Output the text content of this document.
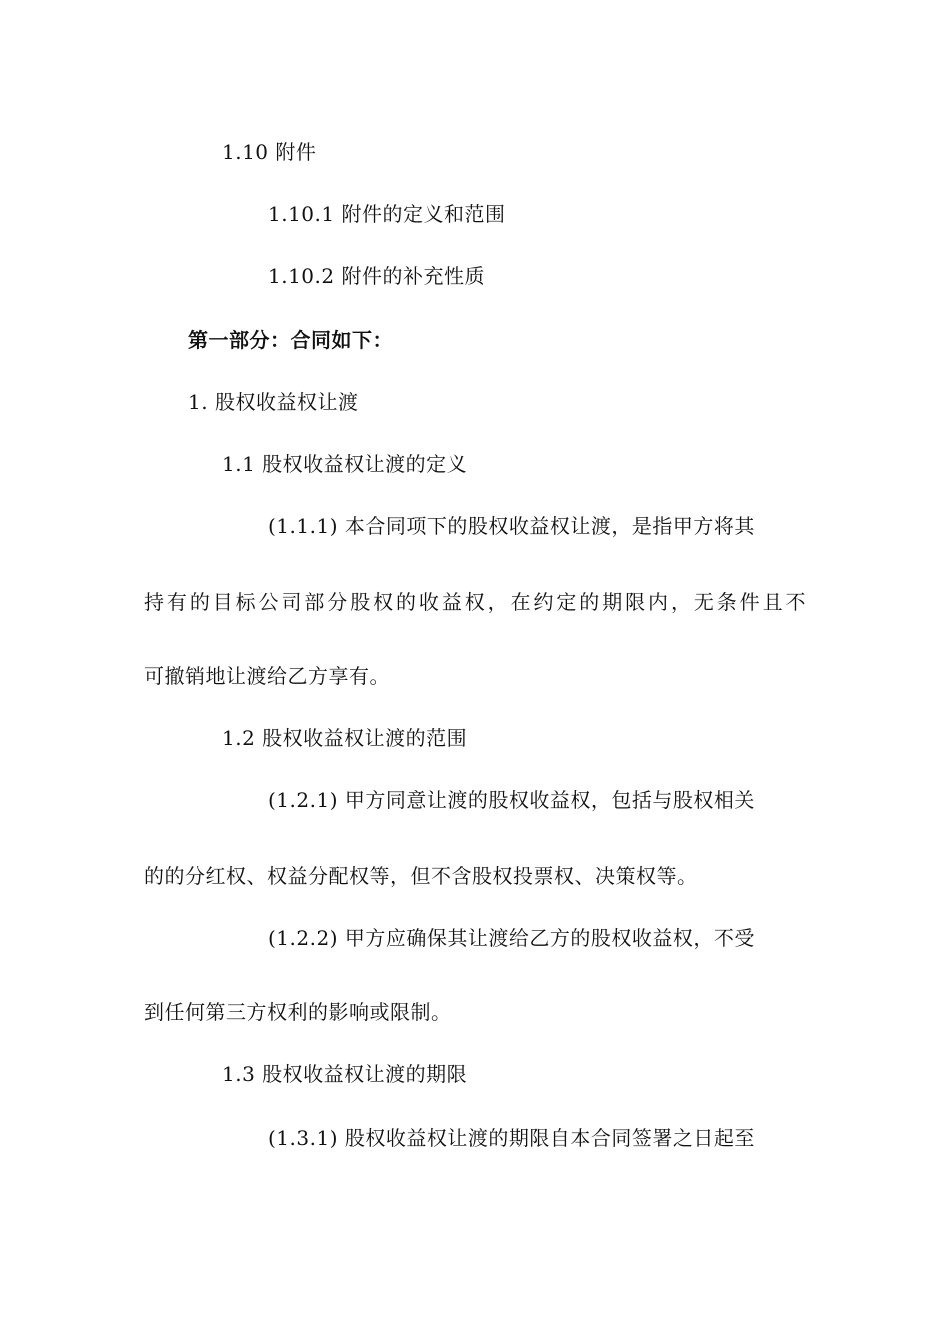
1.10 附件
1.10.1 附件的定义和范围
1.10.2 附件的补充性质
第一部分：合同如下：
1. 股权收益权让渡
1.1 股权收益权让渡的定义
(1.1.1) 本合同项下的股权收益权让渡，是指甲方将其
持有的目标公司部分股权的收益权，在约定的期限内，无条件且不
可撤销地让渡给乙方享有。
1.2 股权收益权让渡的范围
(1.2.1) 甲方同意让渡的股权收益权，包括与股权相关
的的分红权、权益分配权等，但不含股权投票权、决策权等。
(1.2.2) 甲方应确保其让渡给乙方的股权收益权，不受
到任何第三方权利的影响或限制。
1.3 股权收益权让渡的期限
(1.3.1) 股权收益权让渡的期限自本合同签署之日起至
